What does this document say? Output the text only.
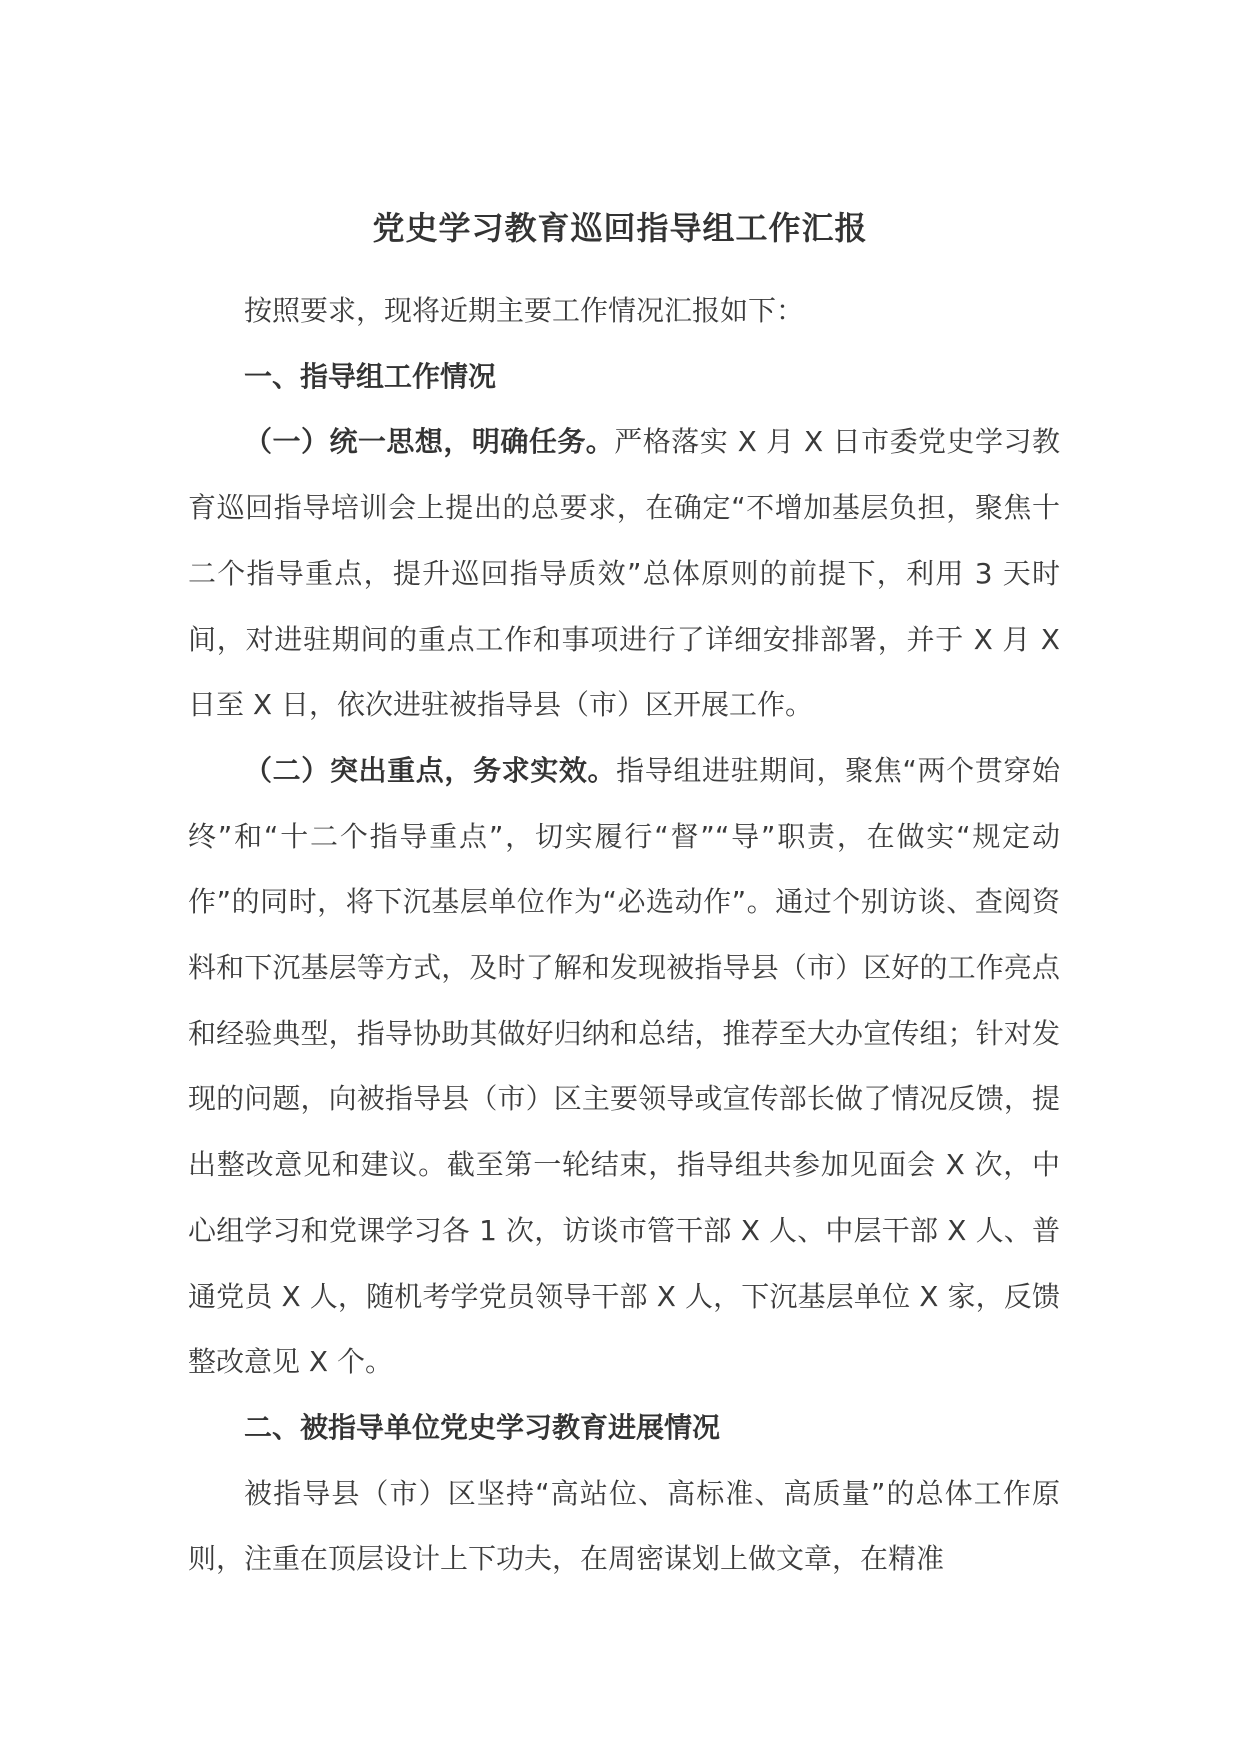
党史学习教育巡回指导组工作汇报

按照要求，现将近期主要工作情况汇报如下：

一、指导组工作情况

（一）统一思想，明确任务。严格落实 X 月 X 日市委党史学习教育巡回指导培训会上提出的总要求，在确定“不增加基层负担，聚焦十二个指导重点，提升巡回指导质效”总体原则的前提下，利用 3 天时间，对进驻期间的重点工作和事项进行了详细安排部署，并于 X 月 X 日至 X 日，依次进驻被指导县（市）区开展工作。

（二）突出重点，务求实效。指导组进驻期间，聚焦“两个贯穿始终”和“十二个指导重点”，切实履行“督”“导”职责，在做实“规定动作”的同时，将下沉基层单位作为“必选动作”。通过个别访谈、查阅资料和下沉基层等方式，及时了解和发现被指导县（市）区好的工作亮点和经验典型，指导协助其做好归纳和总结，推荐至大办宣传组；针对发现的问题，向被指导县（市）区主要领导或宣传部长做了情况反馈，提出整改意见和建议。截至第一轮结束，指导组共参加见面会 X 次，中心组学习和党课学习各 1 次，访谈市管干部 X 人、中层干部 X 人、普通党员 X 人，随机考学党员领导干部 X 人，下沉基层单位 X 家，反馈整改意见 X 个。

二、被指导单位党史学习教育进展情况

被指导县（市）区坚持“高站位、高标准、高质量”的总体工作原则，注重在顶层设计上下功夫，在周密谋划上做文章，在精准
